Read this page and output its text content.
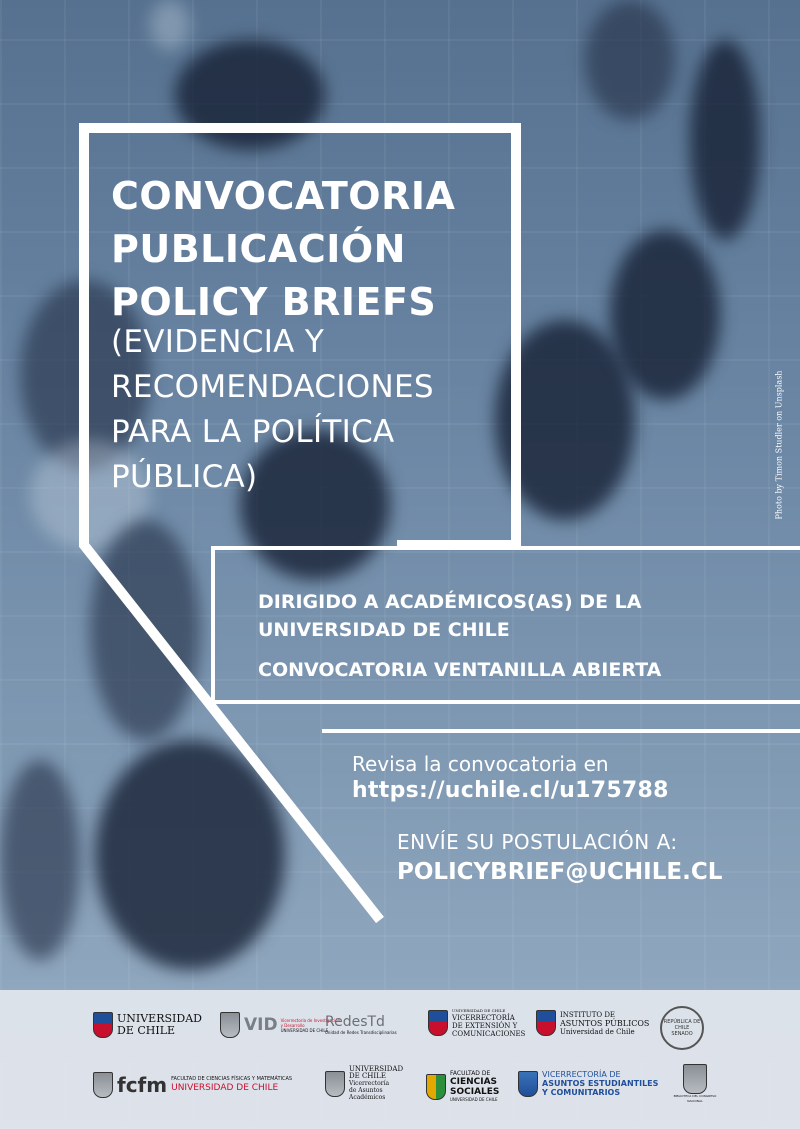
CONVOCATORIA
PUBLICACIÓN
POLICY BRIEFS
(EVIDENCIA Y RECOMENDACIONES PARA LA POLÍTICA PÚBLICA)
DIRIGIDO A ACADÉMICOS(AS) DE LA UNIVERSIDAD DE CHILE
CONVOCATORIA VENTANILLA ABIERTA
Revisa la convocatoria en
https://uchile.cl/u175788
ENVÍE SU POSTULACIÓN A:
POLICYBRIEF@UCHILE.CL
Photo by Timon Studler on Unsplash
UNIVERSIDAD
DE CHILE	VID Vicerrectoría de Investigación
y Desarrollo
UNIVERSIDAD DE CHILE
RedesTd
Unidad de Redes Transdisciplinarias
UNIVERSIDAD DE CHILE
VICERRECTORÍA
DE EXTENSIÓN Y
COMUNICACIONES
INSTITUTO DE
ASUNTOS PÚBLICOS
Universidad de Chile
REPÚBLICA DE CHILE
SENADO
fcfm FACULTAD DE CIENCIAS FÍSICAS Y MATEMÁTICAS
UNIVERSIDAD DE CHILE
UNIVERSIDAD
DE CHILE
Vicerrectoría
de Asuntos
Académicos
FACULTAD DE
CIENCIAS
SOCIALES
UNIVERSIDAD DE CHILE
VICERRECTORÍA DE
ASUNTOS ESTUDIANTILES
Y COMUNITARIOS	BIBLIOTECA DEL CONGRESO NACIONAL
